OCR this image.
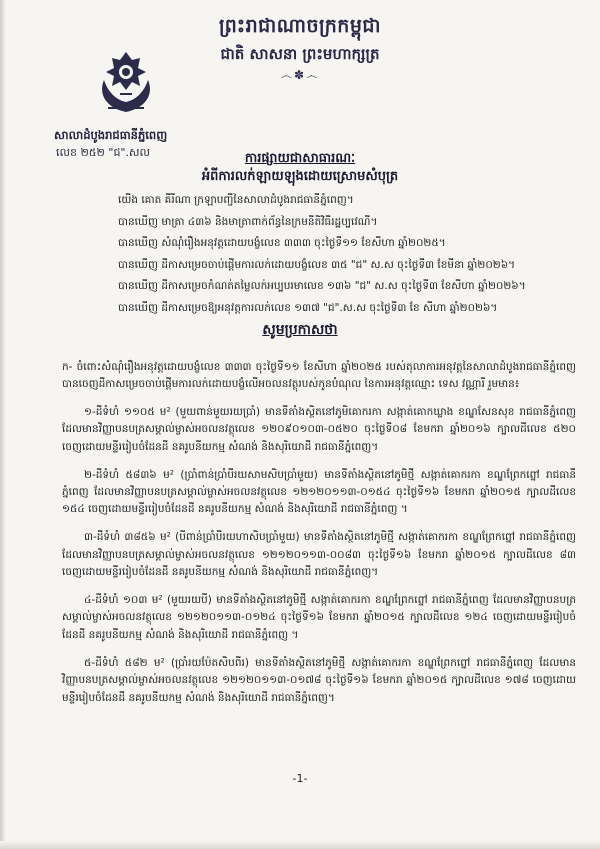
ព្រះរាជាណាចក្រកម្ពុជា
ជាតិ សាសនា ព្រះមហាក្សត្រ
෴✽෴
សាលាដំបូងរាជធានីភ្នំពេញ
លេខ ២៥២ "ជ".សល	ការផ្សាយជាសាធារណៈ
អំពីការលក់ឡាយឡុងដោយស្រោមសំបុត្រ
យើង គោត គីរីណា ក្រឡាបញ្ជីនៃសាលាដំបូងរាជធានីភ្នំពេញ។
បានឃើញ មាត្រា ៤៣៦ និងមាត្រាពាក់ព័ន្ធនៃក្រមនីតិវិធីរដ្ឋប្បវេណី។
បានឃើញ សំណុំរឿងអនុវត្តដោយបង្ខំលេខ ៣៣៣ ចុះថ្ងៃទី១១ ខែសីហា ឆ្នាំ២០២៥។
បានឃើញ ដីកាសម្រេចចាប់ផ្តើមការលក់ដោយបង្ខំលេខ ៣៥ "ជ" ស.ស ចុះថ្ងៃទី៣ ខែមីនា ឆ្នាំ២០២៦។
បានឃើញ ដីកាសម្រេចកំណត់តម្លៃលក់អប្បបរមាលេខ ១៣៦ "ជ" ស.ស ចុះថ្ងៃទី៣ ខែសីហា ឆ្នាំ២០២៦។
បានឃើញ ដីកាសម្រេចឱ្យអនុវត្តការលក់លេខ ១៣៧ "ជ".ស.ស ចុះថ្ងៃទី៣ ខែ សីហា ឆ្នាំ២០២៦។
សូមប្រកាសថា

ក- ចំពោះសំណុំរឿងអនុវត្តដោយបង្ខំលេខ ៣៣៣ ចុះថ្ងៃទី១១ ខែសីហា ឆ្នាំ២០២៥ របស់តុលាការអនុវត្តនៃសាលាដំបូងរាជធានីភ្នំពេញ បានចេញដីកាសម្រេចចាប់ផ្តើមការលក់ដោយបង្ខំលើអចលនវត្ថុរបស់កូនបំណុល នៃការអនុវត្តឈ្មោះ ទេស វណ្ណារី រួមមាន៖

១-ដីទំហំ ១១០៥ ម² (មួយពាន់មួយរយប្រាំ) មានទីតាំងស្ថិតនៅភូមិគោករកា សង្កាត់គោកឃ្លាង ខណ្ឌសែនសុខ រាជធានីភ្នំពេញ ដែលមានវិញ្ញាបនបត្រសម្គាល់ម្ចាស់អចលនវត្ថុលេខ ១២០៩០១០៣-០៥២០ ចុះថ្ងៃទី០៨ ខែមករា ឆ្នាំ២០១៦ ក្បាលដីលេខ ៥២០ ចេញដោយមន្ទីររៀបចំដែនដី នគរូបនីយកម្ម សំណង់ និងសុរិយោដី រាជធានីភ្នំពេញ។

២-ដីទំហំ ៥៨៣៦ ម² (ប្រាំពាន់ប្រាំបីរយសាមសិបប្រាំមួយ) មានទីតាំងស្ថិតនៅភូមិថ្មី សង្កាត់គោករកា ខណ្ឌព្រែកព្នៅ រាជធានីភ្នំពេញ ដែលមានវិញ្ញាបនបត្រសម្គាល់ម្ចាស់អចលនវត្ថុលេខ ១២១២០១១៣-០១៥៤ ចុះថ្ងៃទី១៦ ខែមករា ឆ្នាំ២០១៥ ក្បាលដីលេខ ១៥៤ ចេញដោយមន្ទីររៀបចំដែនដី នគរូបនីយកម្ម សំណង់ និងសុរិយោដី រាជធានីភ្នំពេញ ។

៣-ដីទំហំ ៣៨៥៦ ម² (បីពាន់ប្រាំបីរយហាសិបប្រាំមួយ) មានទីតាំងស្ថិតនៅភូមិថ្មី សង្កាត់គោករកា ខណ្ឌព្រែកព្នៅ រាជធានីភ្នំពេញ ដែលមានវិញ្ញាបនបត្រសម្គាល់ម្ចាស់អចលនវត្ថុលេខ ១២១២០១១៣-០០៨៣ ចុះថ្ងៃទី១៦ ខែមករា ឆ្នាំ២០១៥ ក្បាលដីលេខ ៨៣ ចេញដោយមន្ទីររៀបចំដែនដី នគរូបនីយកម្ម សំណង់ និងសុរិយោដី រាជធានីភ្នំពេញ។

៤-ដីទំហំ ១០៣ ម² (មួយរយបី) មានទីតាំងស្ថិតនៅភូមិថ្មី សង្កាត់គោករកា ខណ្ឌព្រែកព្នៅ រាជធានីភ្នំពេញ ដែលមានវិញ្ញាបនបត្រសម្គាល់ម្ចាស់អចលនវត្ថុលេខ ១២១២០១១៣-០១២៤ ចុះថ្ងៃទី១៦ ខែមករា ឆ្នាំ២០១៥ ក្បាលដីលេខ ១២៤ ចេញដោយមន្ទីររៀបចំដែនដី នគរូបនីយកម្ម សំណង់ និងសុរិយោដី រាជធានីភ្នំពេញ ។

៥-ដីទំហំ ៥៨២ ម² (ប្រាំរយប៉ែតសិបពីរ) មានទីតាំងស្ថិតនៅភូមិថ្មី សង្កាត់គោករកា ខណ្ឌព្រែកព្នៅ រាជធានីភ្នំពេញ ដែលមានវិញ្ញាបនបត្រសម្គាល់ម្ចាស់អចលនវត្ថុលេខ ១២១២០១១៣-០១៧៨ ចុះថ្ងៃទី១៦ ខែមករា ឆ្នាំ២០១៥ ក្បាលដីលេខ ១៧៨ ចេញដោយមន្ទីររៀបចំដែនដី នគរូបនីយកម្ម សំណង់ និងសុរិយោដី រាជធានីភ្នំពេញ។

-1-
